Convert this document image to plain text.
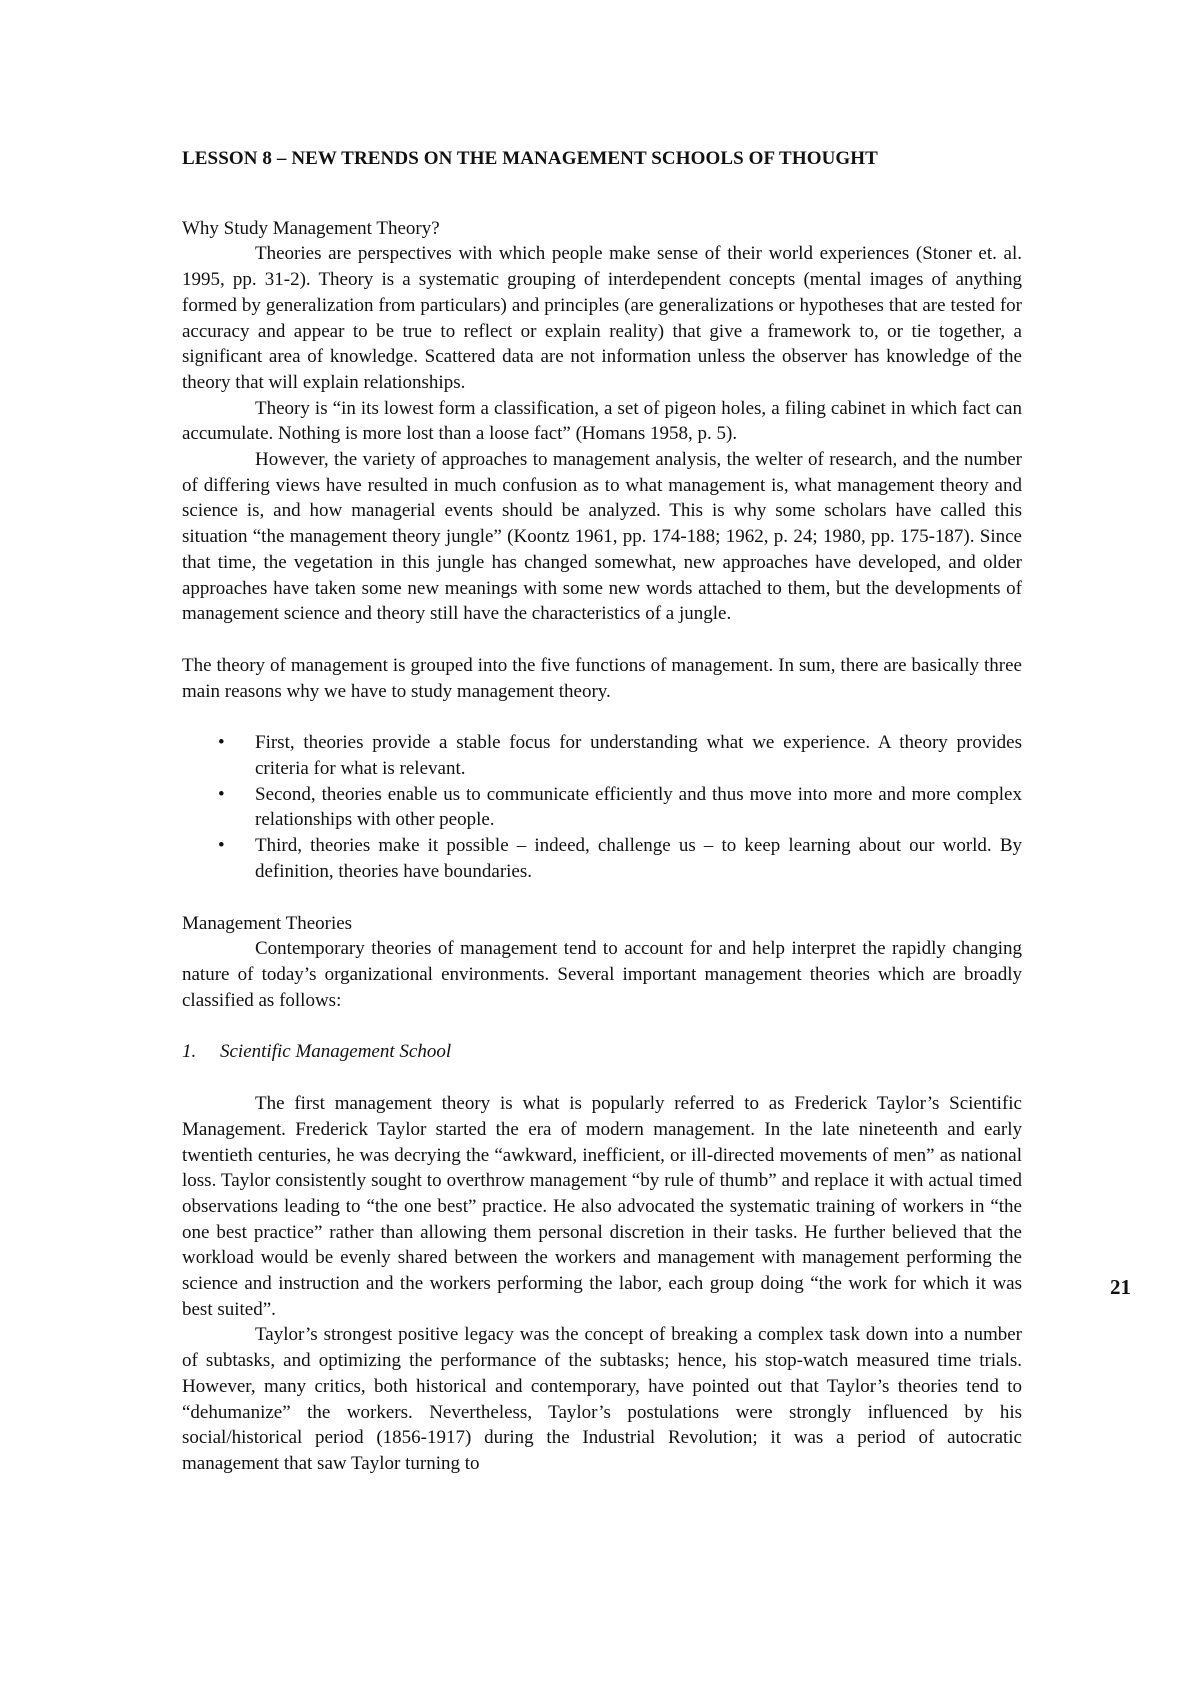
LESSON 8 – NEW TRENDS ON THE MANAGEMENT SCHOOLS OF THOUGHT

Why Study Management Theory?

Theories are perspectives with which people make sense of their world experiences (Stoner et. al. 1995, pp. 31-2). Theory is a systematic grouping of interdependent concepts (mental images of anything formed by generalization from particulars) and principles (are generalizations or hypotheses that are tested for accuracy and appear to be true to reflect or explain reality) that give a framework to, or tie together, a significant area of knowledge. Scattered data are not information unless the observer has knowledge of the theory that will explain relationships.

Theory is “in its lowest form a classification, a set of pigeon holes, a filing cabinet in which fact can accumulate. Nothing is more lost than a loose fact” (Homans 1958, p. 5).

However, the variety of approaches to management analysis, the welter of research, and the number of differing views have resulted in much confusion as to what management is, what management theory and science is, and how managerial events should be analyzed. This is why some scholars have called this situation “the management theory jungle” (Koontz 1961, pp. 174-188; 1962, p. 24; 1980, pp. 175-187). Since that time, the vegetation in this jungle has changed somewhat, new approaches have developed, and older approaches have taken some new meanings with some new words attached to them, but the developments of management science and theory still have the characteristics of a jungle.

The theory of management is grouped into the five functions of management. In sum, there are basically three main reasons why we have to study management theory.

• First, theories provide a stable focus for understanding what we experience. A theory provides criteria for what is relevant.
• Second, theories enable us to communicate efficiently and thus move into more and more complex relationships with other people.
• Third, theories make it possible – indeed, challenge us – to keep learning about our world. By definition, theories have boundaries.

Management Theories

Contemporary theories of management tend to account for and help interpret the rapidly changing nature of today’s organizational environments. Several important management theories which are broadly classified as follows:

1. Scientific Management School

The first management theory is what is popularly referred to as Frederick Taylor’s Scientific Management. Frederick Taylor started the era of modern management. In the late nineteenth and early twentieth centuries, he was decrying the “awkward, inefficient, or ill-directed movements of men” as national loss. Taylor consistently sought to overthrow management “by rule of thumb” and replace it with actual timed observations leading to “the one best” practice. He also advocated the systematic training of workers in “the one best practice” rather than allowing them personal discretion in their tasks. He further believed that the workload would be evenly shared between the workers and management with management performing the science and instruction and the workers performing the labor, each group doing “the work for which it was best suited”.

Taylor’s strongest positive legacy was the concept of breaking a complex task down into a number of subtasks, and optimizing the performance of the subtasks; hence, his stop-watch measured time trials. However, many critics, both historical and contemporary, have pointed out that Taylor’s theories tend to “dehumanize” the workers. Nevertheless, Taylor’s postulations were strongly influenced by his social/historical period (1856-1917) during the Industrial Revolution; it was a period of autocratic management that saw Taylor turning to

21
